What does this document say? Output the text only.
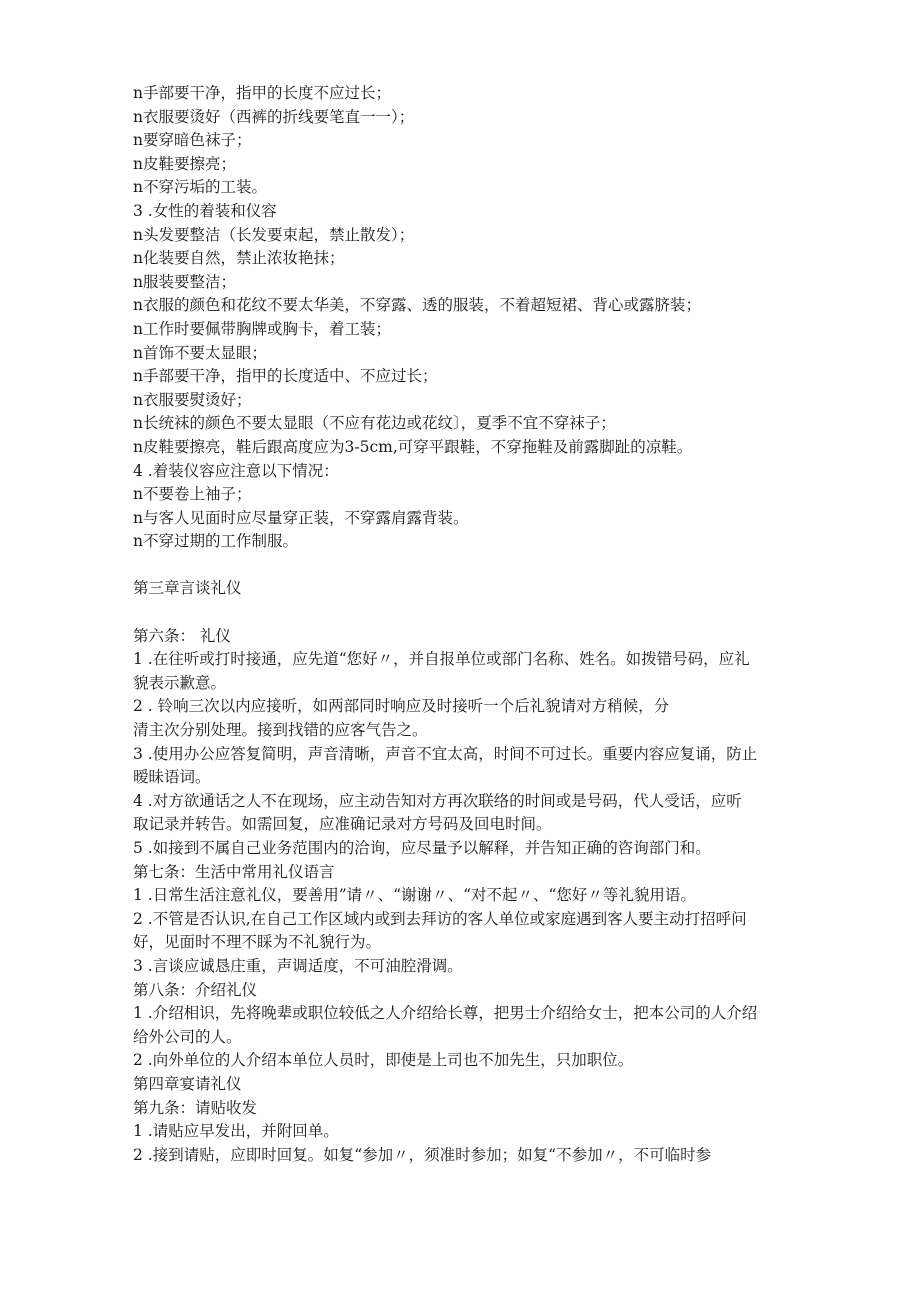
n手部要干净，指甲的长度不应过长；
n衣服要烫好（西裤的折线要笔直一一）；
n要穿暗色袜子；
n皮鞋要擦亮；
n不穿污垢的工装。
3 .女性的着装和仪容
n头发要整洁（长发要束起，禁止散发）；
n化装要自然，禁止浓妆艳抹；
n服装要整洁；
n衣服的颜色和花纹不要太华美，不穿露、透的服装，不着超短裙、背心或露脐装；
n工作时要佩带胸牌或胸卡，着工装；
n首饰不要太显眼；
n手部要干净，指甲的长度适中、不应过长；
n衣服要熨烫好；
n长统袜的颜色不要太显眼（不应有花边或花纹〕，夏季不宜不穿袜子；
n皮鞋要擦亮，鞋后跟高度应为3-5cm,可穿平跟鞋，不穿拖鞋及前露脚趾的凉鞋。
4 .着装仪容应注意以下情况：
n不要卷上袖子；
n与客人见面时应尽量穿正装，不穿露肩露背装。
n不穿过期的工作制服。
第三章言谈礼仪
第六条： 礼仪
1 .在往听或打时接通，应先道“您好〃，并自报单位或部门名称、姓名。如拨错号码，应礼
貌表示歉意。
2 . 铃响三次以内应接听，如两部同时响应及时接听一个后礼貌请对方稍候，分
清主次分别处理。接到找错的应客气告之。
3 .使用办公应答复简明，声音清晰，声音不宜太高，时间不可过长。重要内容应复诵，防止
暧昧语词。
4 .对方欲通话之人不在现场，应主动告知对方再次联络的时间或是号码，代人受话，应听
取记录并转告。如需回复，应准确记录对方号码及回电时间。
5 .如接到不属自己业务范围内的洽询，应尽量予以解释，并告知正确的咨询部门和。
第七条：生活中常用礼仪语言
1 .日常生活注意礼仪，要善用”请〃、“谢谢〃、“对不起〃、“您好〃等礼貌用语。
2 .不管是否认识,在自己工作区域内或到去拜访的客人单位或家庭遇到客人要主动打招呼问
好，见面时不理不睬为不礼貌行为。
3 .言谈应诚恳庄重，声调适度，不可油腔滑调。
第八条：介绍礼仪
1 .介绍相识，先将晚辈或职位较低之人介绍给长尊，把男士介绍给女士，把本公司的人介绍
给外公司的人。
2 .向外单位的人介绍本单位人员时，即使是上司也不加先生，只加职位。
第四章宴请礼仪
第九条：请贴收发
1 .请贴应早发出，并附回单。
2 .接到请贴，应即时回复。如复“参加〃，须准时参加；如复“不参加〃，不可临时参
